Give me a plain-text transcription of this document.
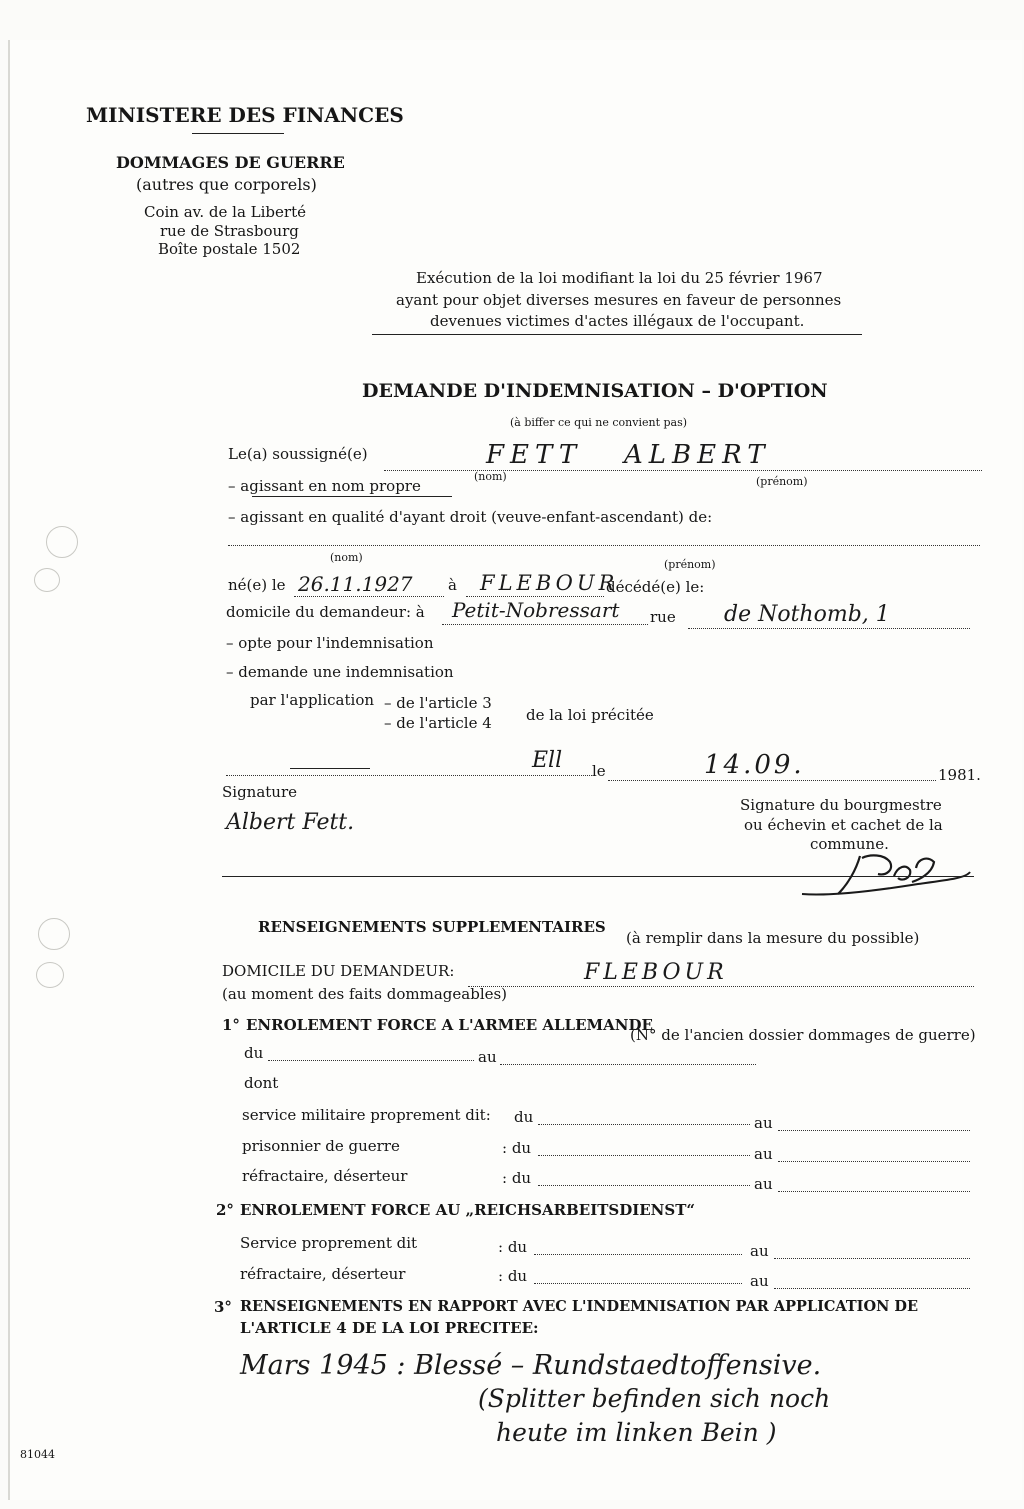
MINISTERE DES FINANCES
DOMMAGES DE GUERRE
(autres que corporels)
Coin av. de la Liberté
rue de Strasbourg
Boîte postale 1502
Exécution de la loi modifiant la loi du 25 février 1967
ayant pour objet diverses mesures en faveur de personnes
devenues victimes d'actes illégaux de l'occupant.
DEMANDE D'INDEMNISATION – D'OPTION
(à biffer ce qui ne convient pas)
Le(a) soussigné(e)	FETT ALBERT
(nom)	(prénom)
– agissant en nom propre
– agissant en qualité d'ayant droit (veuve-enfant-ascendant) de:
(nom)
(prénom)
né(e) le 26.11.1927 à FLEBOUR
décédé(e) le:
domicile du demandeur: à Petit-Nobressart rue de Nothomb, 1
– opte pour l'indemnisation
– demande une indemnisation
par l'application – de l'article 3
– de l'article 4 de la loi précitée
Ell le	14.09.	1981.
Signature
Albert Fett.
Signature du bourgmestre
ou échevin et cachet de la
commune.
RENSEIGNEMENTS SUPPLEMENTAIRES
(à remplir dans la mesure du possible)
DOMICILE DU DEMANDEUR:	FLEBOUR
(au moment des faits dommageables)
1° ENROLEMENT FORCE A L'ARMEE ALLEMANDE
(N° de l'ancien dossier dommages de guerre)
du	au
dont
service militaire proprement dit: du	au
prisonnier de guerre	: du	au
réfractaire, déserteur	: du	au
2° ENROLEMENT FORCE AU „REICHSARBEITSDIENST“
Service proprement dit	: du	au
réfractaire, déserteur	: du	au
3° RENSEIGNEMENTS EN RAPPORT AVEC L'INDEMNISATION PAR APPLICATION DE
L'ARTICLE 4 DE LA LOI PRECITEE:
Mars 1945 : Blessé – Rundstaedtoffensive.
(Splitter befinden sich noch
heute im linken Bein )
81044
